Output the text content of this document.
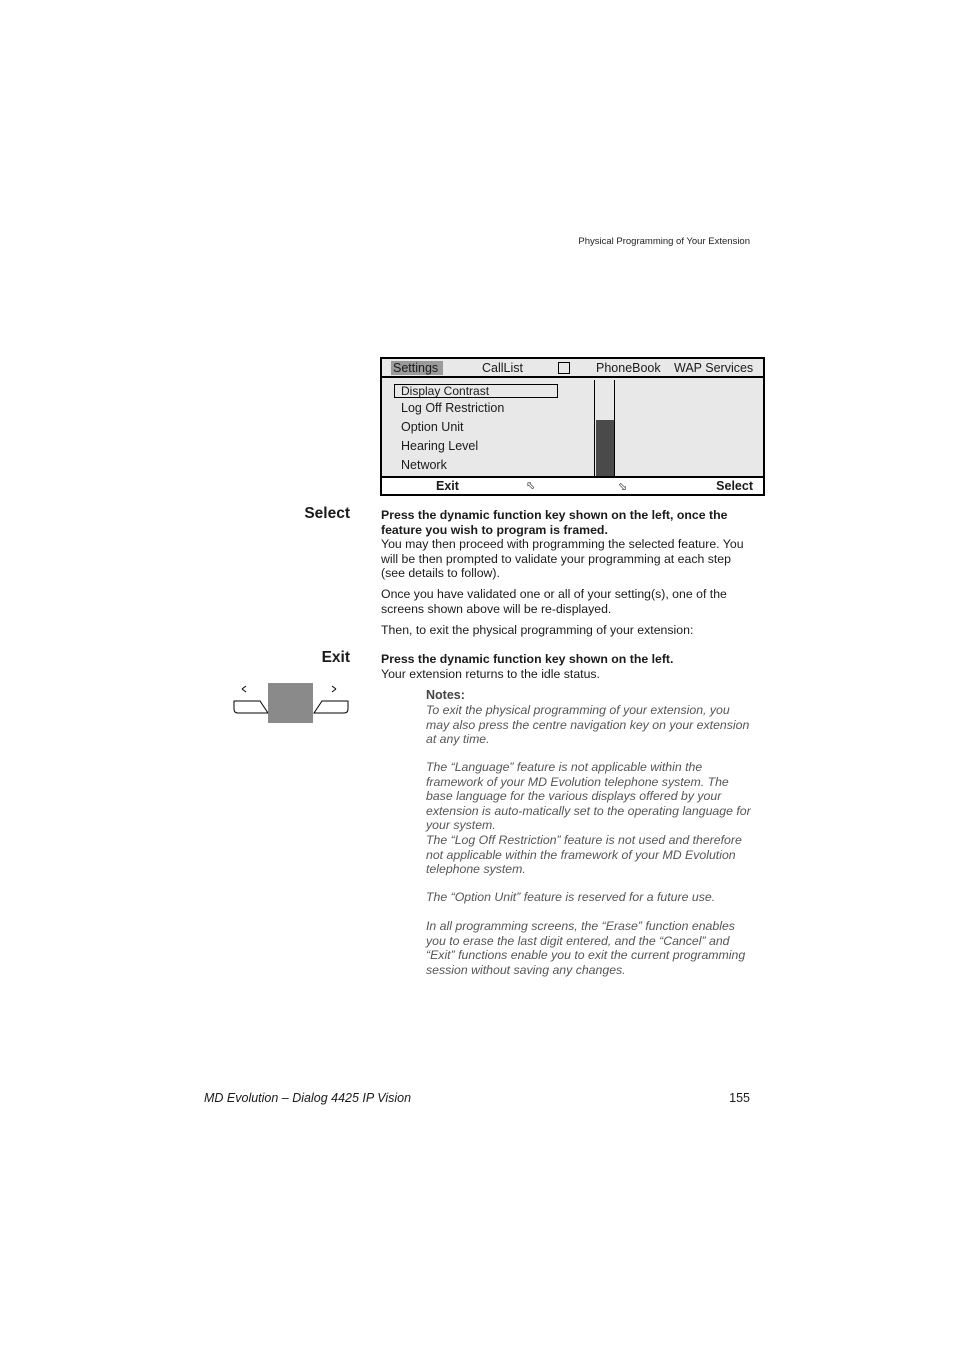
Physical Programming of Your Extension
Settings	CallList	PhoneBook WAP Services
Display Contrast
Log Off Restriction
Option Unit
Hearing Level
Network
Exit	⬁	⬂	Select
Select	Press the dynamic function key shown on the left, once the feature you wish to program is framed.
You may then proceed with programming the selected feature. You will be then prompted to validate your programming at each step (see details to follow).
Once you have validated one or all of your setting(s), one of the screens shown above will be re-displayed.
Then, to exit the physical programming of your extension:
Exit	Press the dynamic function key shown on the left.
Your extension returns to the idle status.
Notes:
To exit the physical programming of your extension, you may also press the centre navigation key on your extension at any time.
The “Language” feature is not applicable within the framework of your MD Evolution telephone system. The base language for the various displays offered by your extension is auto-matically set to the operating language for your system.
The “Log Off Restriction” feature is not used and therefore not applicable within the framework of your MD Evolution telephone system.
The “Option Unit” feature is reserved for a future use.
In all programming screens, the “Erase” function enables you to erase the last digit entered, and the “Cancel” and “Exit” functions enable you to exit the current programming session without saving any changes.
MD Evolution – Dialog 4425 IP Vision	155
